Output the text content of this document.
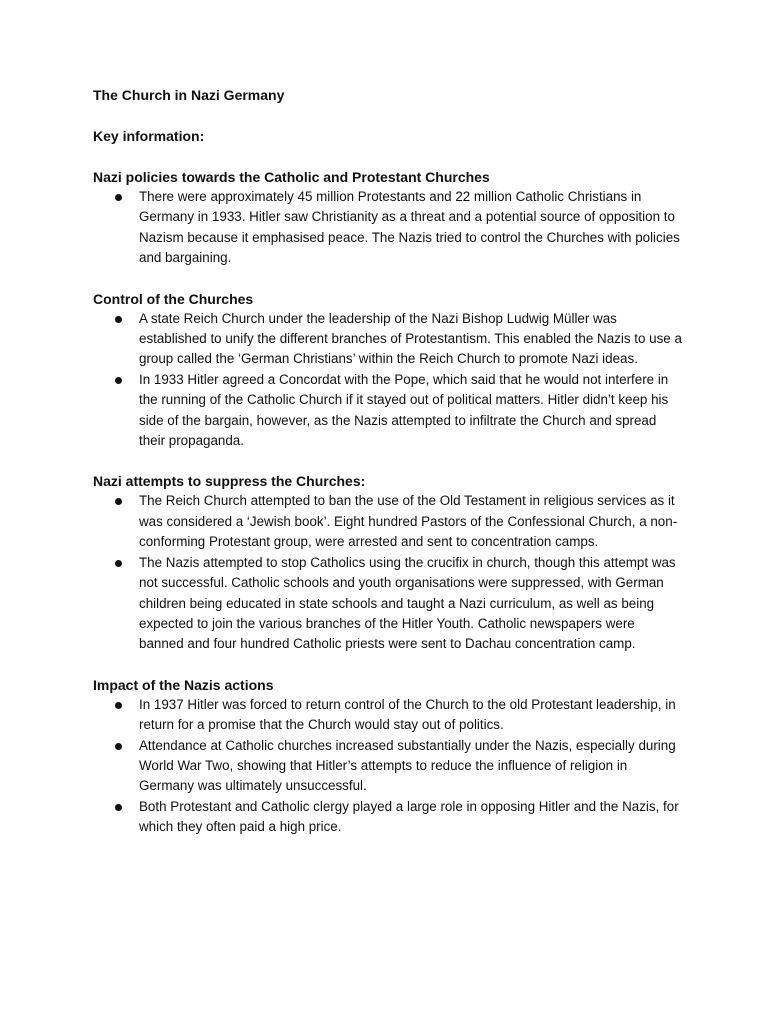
The Church in Nazi Germany

Key information:

Nazi policies towards the Catholic and Protestant Churches

There were approximately 45 million Protestants and 22 million Catholic Christians in Germany in 1933. Hitler saw Christianity as a threat and a potential source of opposition to Nazism because it emphasised peace. The Nazis tried to control the Churches with policies and bargaining.

Control of the Churches

A state Reich Church under the leadership of the Nazi Bishop Ludwig Müller was established to unify the different branches of Protestantism. This enabled the Nazis to use a group called the ‘German Christians’ within the Reich Church to promote Nazi ideas.
In 1933 Hitler agreed a Concordat with the Pope, which said that he would not interfere in the running of the Catholic Church if it stayed out of political matters. Hitler didn’t keep his side of the bargain, however, as the Nazis attempted to infiltrate the Church and spread their propaganda.

Nazi attempts to suppress the Churches:

The Reich Church attempted to ban the use of the Old Testament in religious services as it was considered a ‘Jewish book’. Eight hundred Pastors of the Confessional Church, a non-conforming Protestant group, were arrested and sent to concentration camps.
The Nazis attempted to stop Catholics using the crucifix in church, though this attempt was not successful. Catholic schools and youth organisations were suppressed, with German children being educated in state schools and taught a Nazi curriculum, as well as being expected to join the various branches of the Hitler Youth. Catholic newspapers were banned and four hundred Catholic priests were sent to Dachau concentration camp.

Impact of the Nazis actions

In 1937 Hitler was forced to return control of the Church to the old Protestant leadership, in return for a promise that the Church would stay out of politics.
Attendance at Catholic churches increased substantially under the Nazis, especially during World War Two, showing that Hitler’s attempts to reduce the influence of religion in Germany was ultimately unsuccessful.
Both Protestant and Catholic clergy played a large role in opposing Hitler and the Nazis, for which they often paid a high price.
